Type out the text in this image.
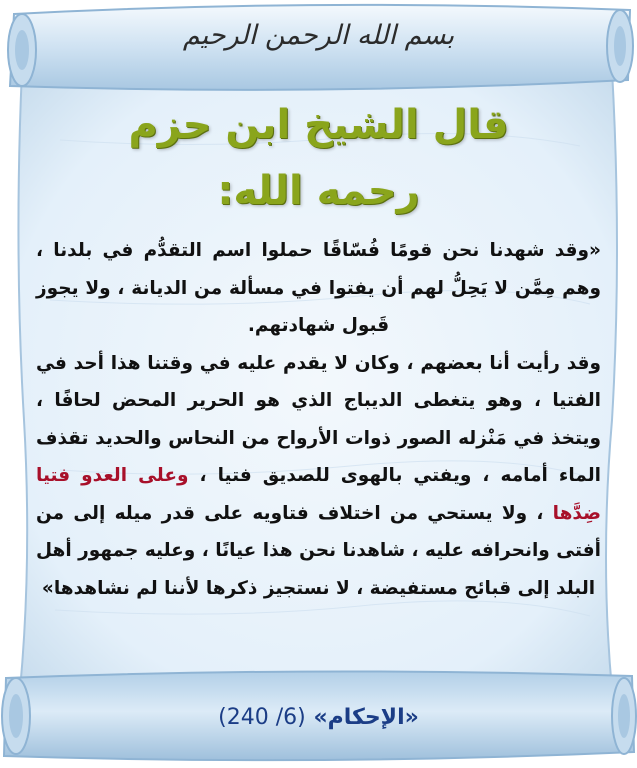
بسم الله الرحمن الرحيم
قال الشيخ ابن حزم
رحمه الله:

«وقد شهدنا نحن قومًا فُسّاقًا حملوا اسم التقدُّم في بلدنا ، وهم مِمَّن لا يَحِلُّ لهم أن يفتوا في مسألة من الديانة ، ولا يجوز قَبول شهادتهم.

وقد رأيت أنا بعضهم ، وكان لا يقدم عليه في وقتنا هذا أحد في الفتيا ، وهو يتغطى الديباج الذي هو الحرير المحض لحافًا ، ويتخذ في مَنْزله الصور ذوات الأرواح من النحاس والحديد تقذف الماء أمامه ، ويفتي بالهوى للصديق فتيا ، وعلى العدو فتيا ضِدَّها ، ولا يستحي من اختلاف فتاويه على قدر ميله إلى من أفتى وانحرافه عليه ، شاهدنا نحن هذا عيانًا ، وعليه جمهور أهل البلد إلى قبائح مستفيضة ، لا نستجيز ذكرها لأننا لم نشاهدها»

«الإحكام» (6/ 240)
